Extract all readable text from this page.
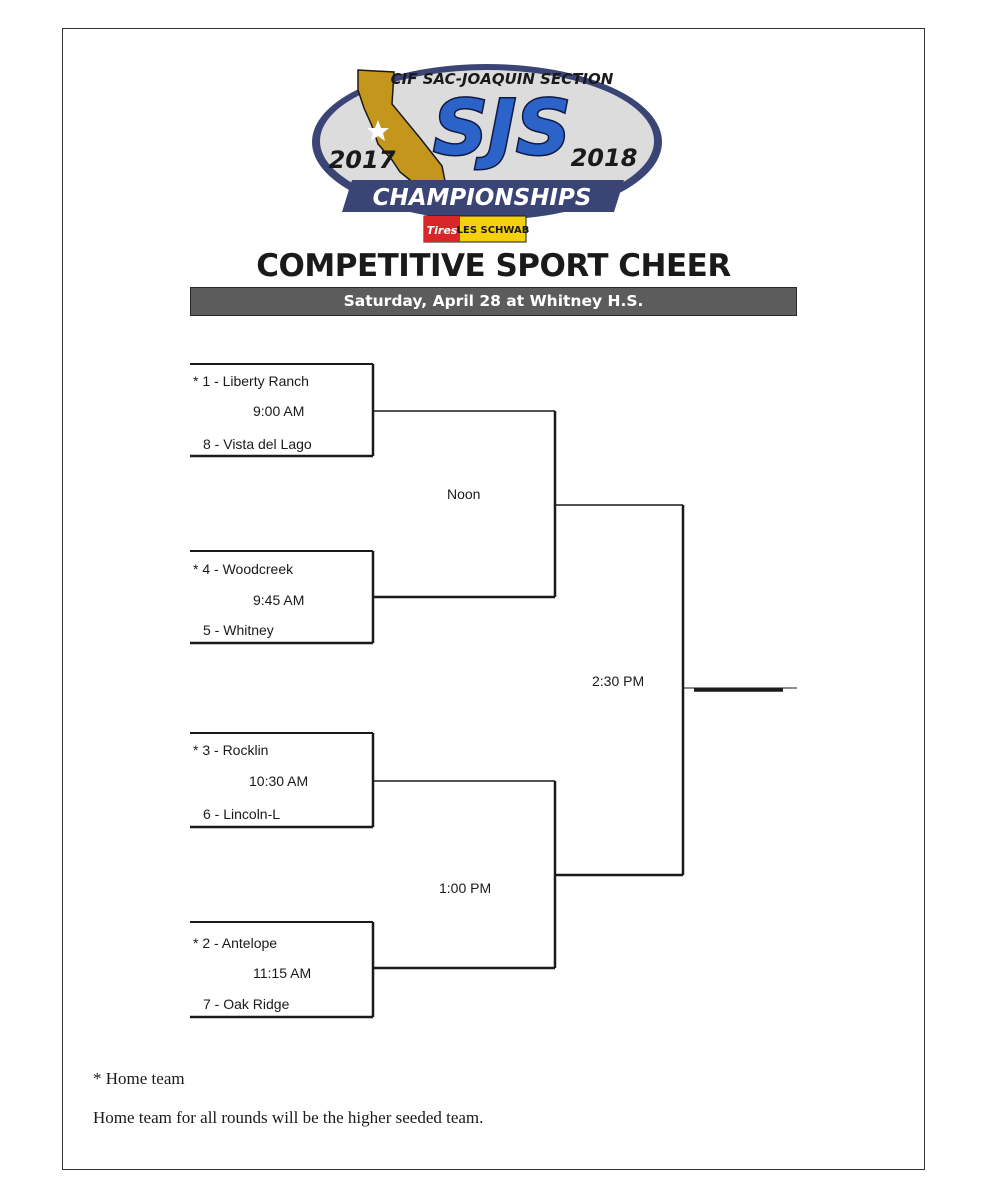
CIF SAC-JOAQUIN SECTION
SJS
2017	2018
CHAMPIONSHIPS
Tires LES SCHWAB
COMPETITIVE SPORT CHEER
Saturday, April 28 at Whitney H.S.
* 1 - Liberty Ranch
9:00 AM
8 - Vista del Lago
* 4 - Woodcreek
9:45 AM
5 - Whitney
* 3 - Rocklin
10:30 AM
6 - Lincoln-L
* 2 - Antelope
11:15 AM
7 - Oak Ridge
Noon
1:00 PM
2:30 PM
* Home team
Home team for all rounds will be the higher seeded team.
